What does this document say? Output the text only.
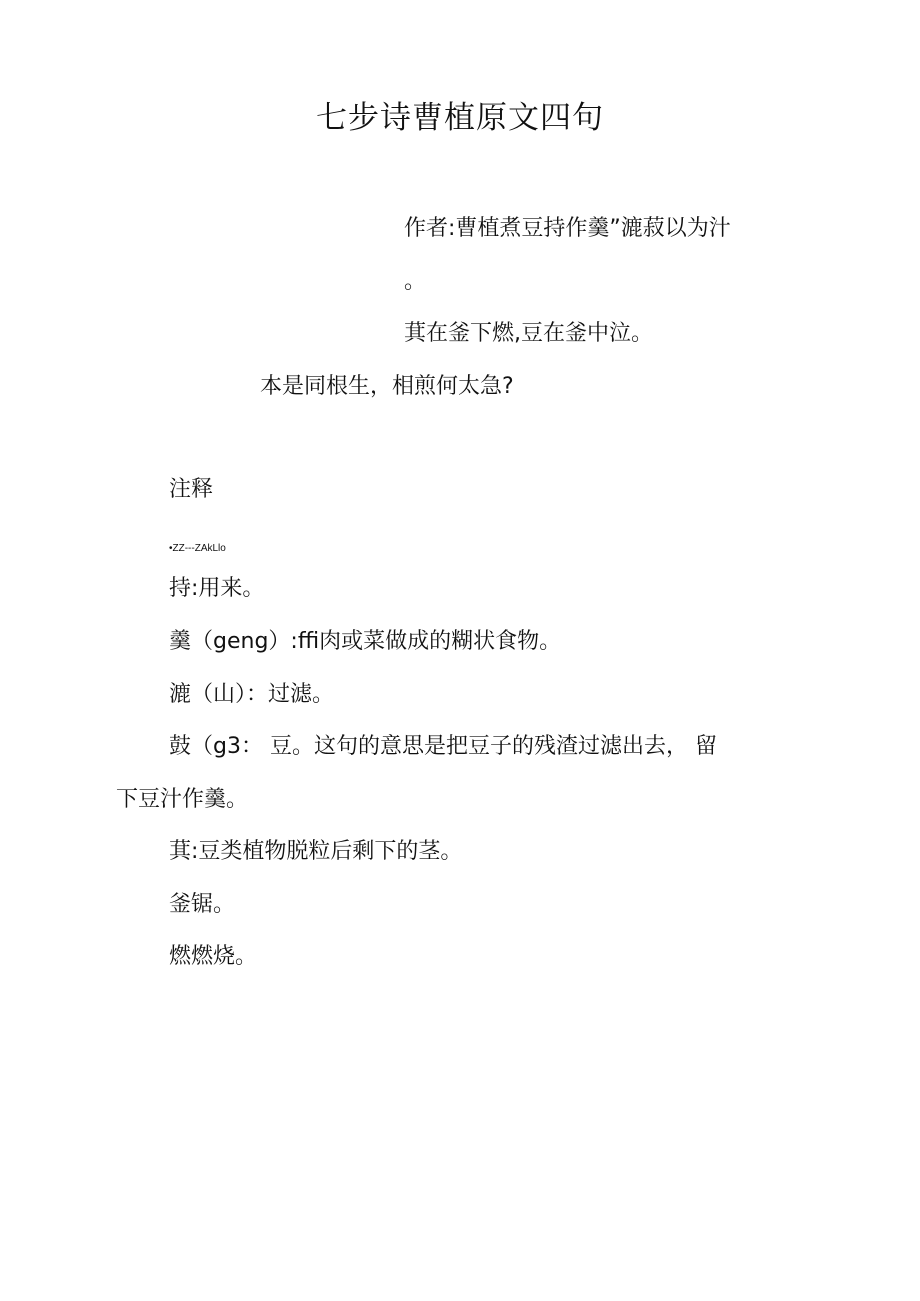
七步诗曹植原文四句
作者:曹植煮豆持作羹”漉菽以为汁
。
萁在釜下燃,豆在釜中泣。
本是同根生，相煎何太急?
注释
•ZZ---ZAkLlo
持:用来。
羹（geng）:ffi肉或菜做成的糊状食物。
漉（山）：过滤。
鼓（g3： 豆。这句的意思是把豆子的残渣过滤出去， 留
下豆汁作羹。
萁:豆类植物脱粒后剩下的茎。
釜锯。
燃燃烧。
